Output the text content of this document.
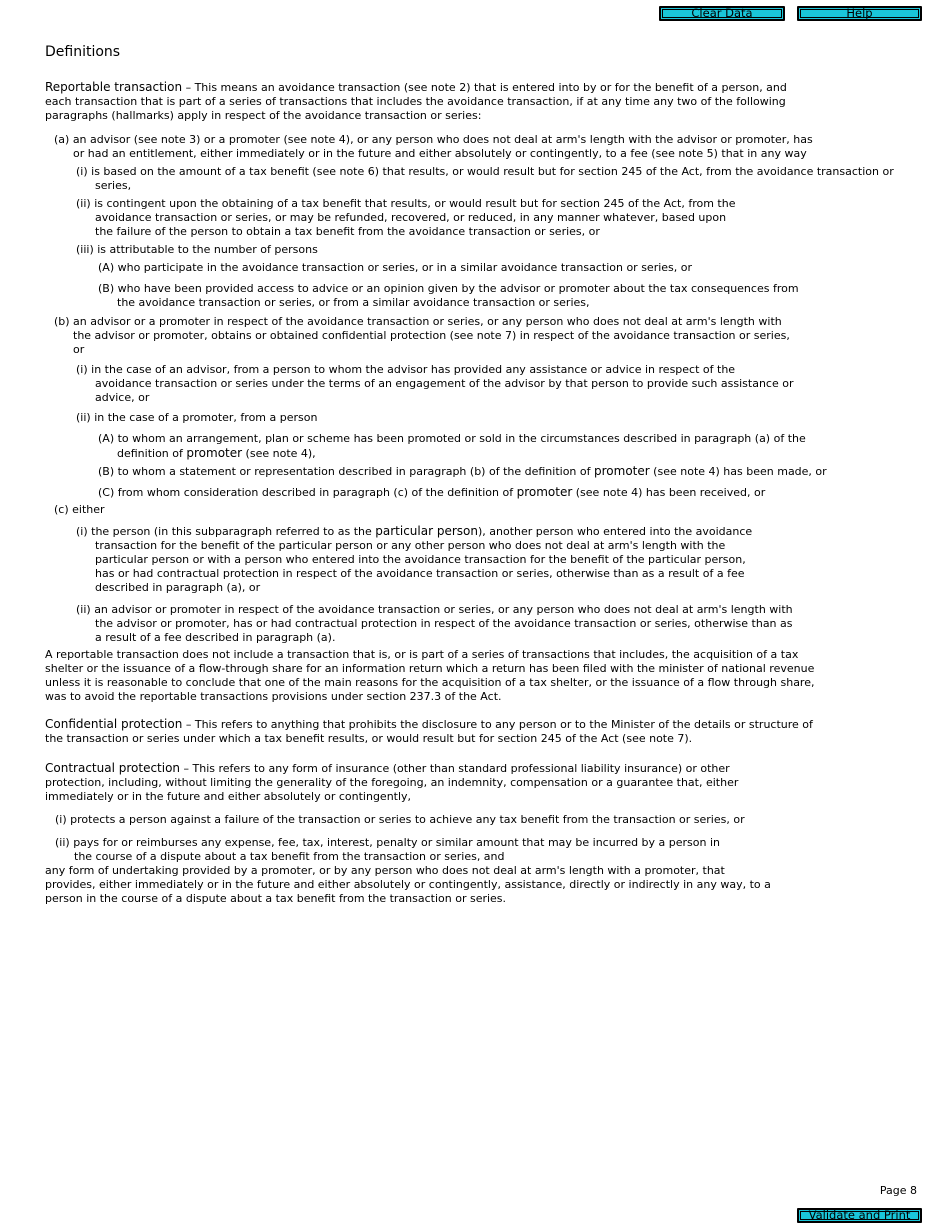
Clear Data	Help
Definitions

Reportable transaction – This means an avoidance transaction (see note 2) that is entered into by or for the benefit of a person, and each transaction that is part of a series of transactions that includes the avoidance transaction, if at any time any two of the following paragraphs (hallmarks) apply in respect of the avoidance transaction or series:

(a) an advisor (see note 3) or a promoter (see note 4), or any person who does not deal at arm's length with the advisor or promoter, has or had an entitlement, either immediately or in the future and either absolutely or contingently, to a fee (see note 5) that in any way

(i) is based on the amount of a tax benefit (see note 6) that results, or would result but for section 245 of the Act, from the avoidance transaction or series,

(ii) is contingent upon the obtaining of a tax benefit that results, or would result but for section 245 of the Act, from the avoidance transaction or series, or may be refunded, recovered, or reduced, in any manner whatever, based upon the failure of the person to obtain a tax benefit from the avoidance transaction or series, or

(iii) is attributable to the number of persons

(A) who participate in the avoidance transaction or series, or in a similar avoidance transaction or series, or

(B) who have been provided access to advice or an opinion given by the advisor or promoter about the tax consequences from the avoidance transaction or series, or from a similar avoidance transaction or series,

(b) an advisor or a promoter in respect of the avoidance transaction or series, or any person who does not deal at arm's length with the advisor or promoter, obtains or obtained confidential protection (see note 7) in respect of the avoidance transaction or series, or

(i) in the case of an advisor, from a person to whom the advisor has provided any assistance or advice in respect of the avoidance transaction or series under the terms of an engagement of the advisor by that person to provide such assistance or advice, or

(ii) in the case of a promoter, from a person

(A) to whom an arrangement, plan or scheme has been promoted or sold in the circumstances described in paragraph (a) of the definition of promoter (see note 4),

(B) to whom a statement or representation described in paragraph (b) of the definition of promoter (see note 4) has been made, or

(C) from whom consideration described in paragraph (c) of the definition of promoter (see note 4) has been received, or

(c) either

(i) the person (in this subparagraph referred to as the particular person), another person who entered into the avoidance transaction for the benefit of the particular person or any other person who does not deal at arm's length with the particular person or with a person who entered into the avoidance transaction for the benefit of the particular person, has or had contractual protection in respect of the avoidance transaction or series, otherwise than as a result of a fee described in paragraph (a), or

(ii) an advisor or promoter in respect of the avoidance transaction or series, or any person who does not deal at arm's length with the advisor or promoter, has or had contractual protection in respect of the avoidance transaction or series, otherwise than as a result of a fee described in paragraph (a).

A reportable transaction does not include a transaction that is, or is part of a series of transactions that includes, the acquisition of a tax shelter or the issuance of a flow-through share for an information return which a return has been filed with the minister of national revenue unless it is reasonable to conclude that one of the main reasons for the acquisition of a tax shelter, or the issuance of a flow through share, was to avoid the reportable transactions provisions under section 237.3 of the Act.

Confidential protection – This refers to anything that prohibits the disclosure to any person or to the Minister of the details or structure of the transaction or series under which a tax benefit results, or would result but for section 245 of the Act (see note 7).

Contractual protection – This refers to any form of insurance (other than standard professional liability insurance) or other protection, including, without limiting the generality of the foregoing, an indemnity, compensation or a guarantee that, either immediately or in the future and either absolutely or contingently,

(i) protects a person against a failure of the transaction or series to achieve any tax benefit from the transaction or series, or

(ii) pays for or reimburses any expense, fee, tax, interest, penalty or similar amount that may be incurred by a person in the course of a dispute about a tax benefit from the transaction or series, and

any form of undertaking provided by a promoter, or by any person who does not deal at arm's length with a promoter, that provides, either immediately or in the future and either absolutely or contingently, assistance, directly or indirectly in any way, to a person in the course of a dispute about a tax benefit from the transaction or series.

Page 8
Validate and Print
